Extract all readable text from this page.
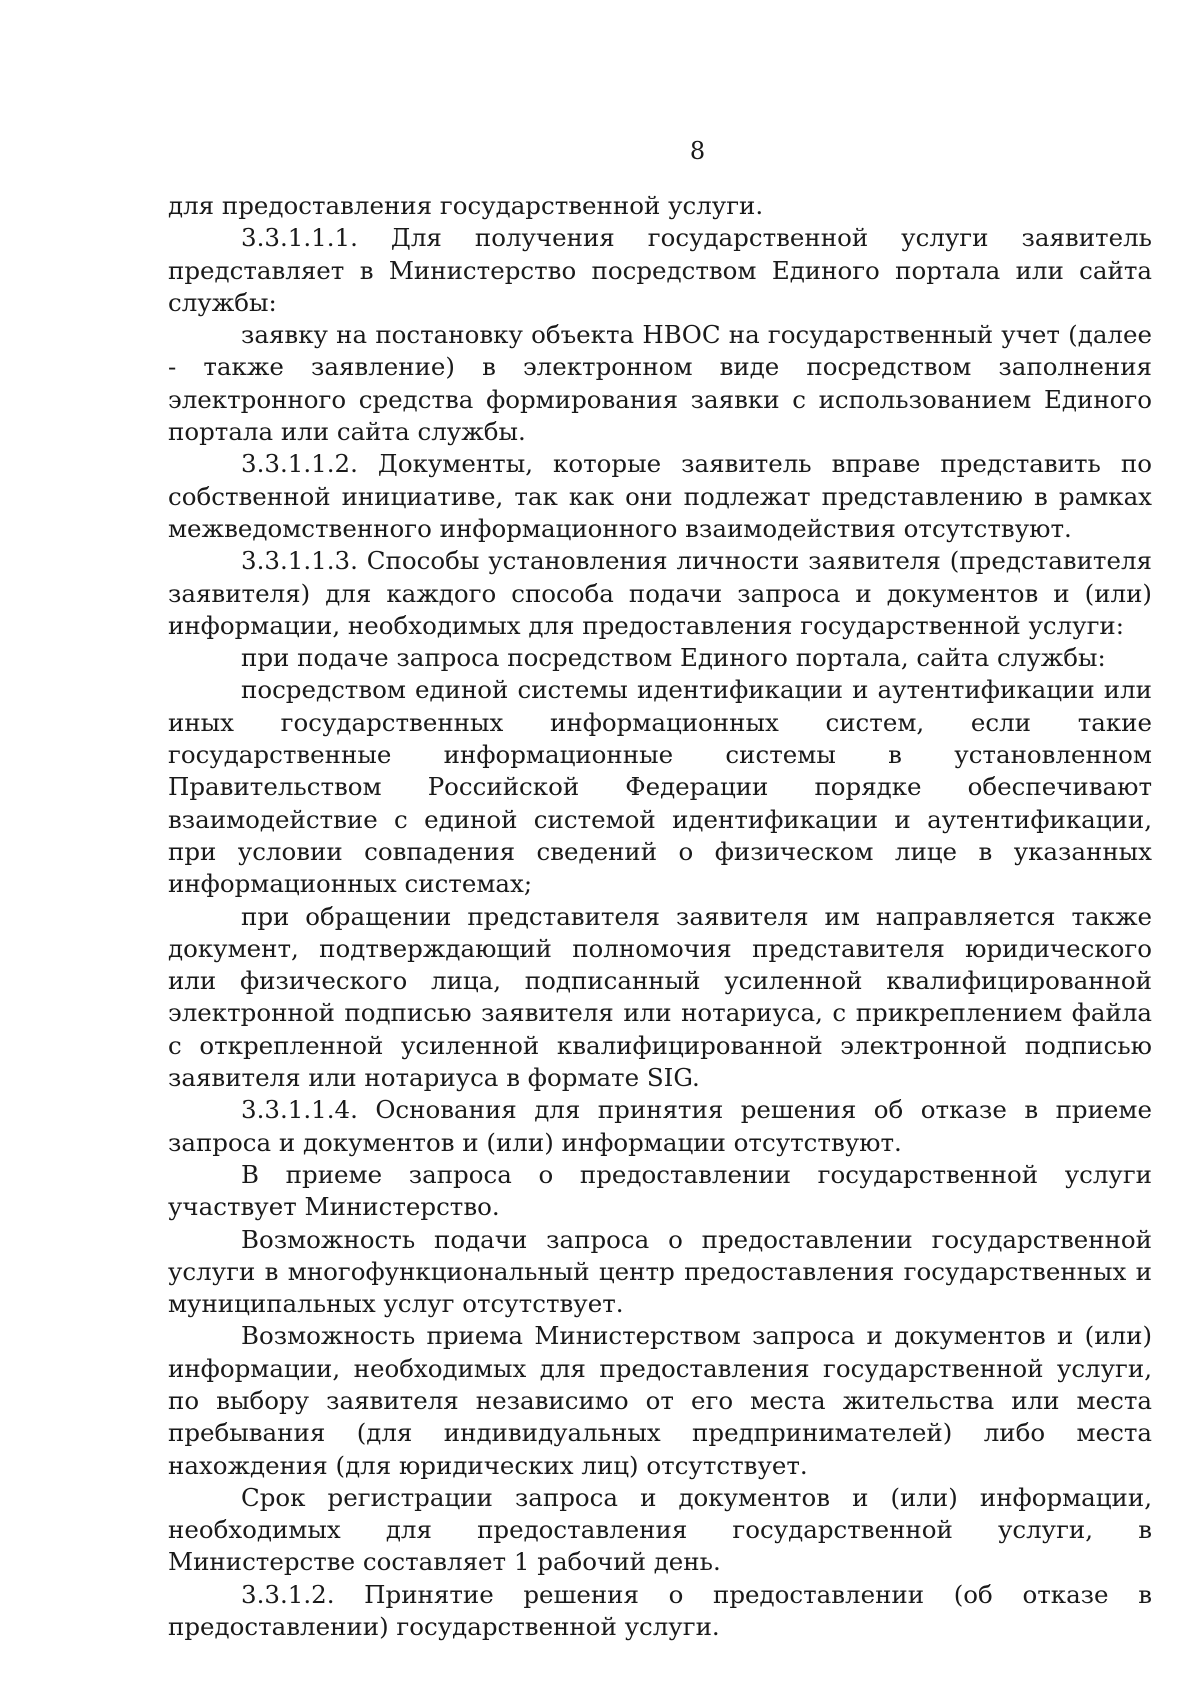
8

для предоставления государственной услуги.

3.3.1.1.1. Для получения государственной услуги заявитель представляет в Министерство посредством Единого портала или сайта службы:

заявку на постановку объекта НВОС на государственный учет (далее - также заявление) в электронном виде посредством заполнения электронного средства формирования заявки с использованием Единого портала или сайта службы.

3.3.1.1.2. Документы, которые заявитель вправе представить по собственной инициативе, так как они подлежат представлению в рамках межведомственного информационного взаимодействия отсутствуют.

3.3.1.1.3. Способы установления личности заявителя (представителя заявителя) для каждого способа подачи запроса и документов и (или) информации, необходимых для предоставления государственной услуги:

при подаче запроса посредством Единого портала, сайта службы:

посредством единой системы идентификации и аутентификации или иных государственных информационных систем, если такие государственные информационные системы в установленном Правительством Российской Федерации порядке обеспечивают взаимодействие с единой системой идентификации и аутентификации, при условии совпадения сведений о физическом лице в указанных информационных системах;

при обращении представителя заявителя им направляется также документ, подтверждающий полномочия представителя юридического или физического лица, подписанный усиленной квалифицированной электронной подписью заявителя или нотариуса, с прикреплением файла с открепленной усиленной квалифицированной электронной подписью заявителя или нотариуса в формате SIG.

3.3.1.1.4. Основания для принятия решения об отказе в приеме запроса и документов и (или) информации отсутствуют.

В приеме запроса о предоставлении государственной услуги участвует Министерство.

Возможность подачи запроса о предоставлении государственной услуги в многофункциональный центр предоставления государственных и муниципальных услуг отсутствует.

Возможность приема Министерством запроса и документов и (или) информации, необходимых для предоставления государственной услуги, по выбору заявителя независимо от его места жительства или места пребывания (для индивидуальных предпринимателей) либо места нахождения (для юридических лиц) отсутствует.

Срок регистрации запроса и документов и (или) информации, необходимых для предоставления государственной услуги, в Министерстве составляет 1 рабочий день.

3.3.1.2. Принятие решения о предоставлении (об отказе в предоставлении) государственной услуги.
